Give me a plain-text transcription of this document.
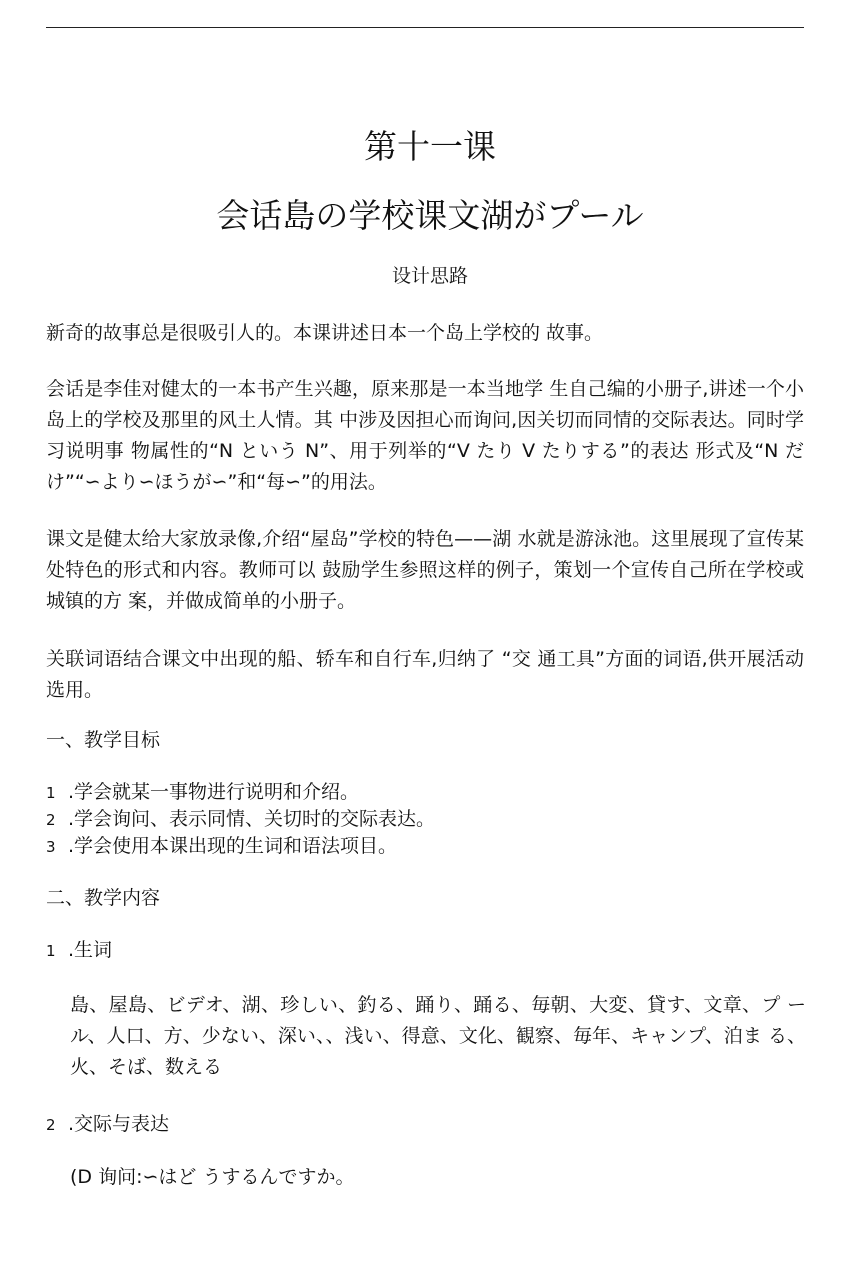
第十一课
会话島の学校课文湖がプール
设计思路

新奇的故事总是很吸引人的。本课讲述日本一个岛上学校的 故事。

会话是李佳对健太的一本书产生兴趣，原来那是一本当地学 生自己编的小册子,讲述一个小岛上的学校及那里的风土人情。其 中涉及因担心而询问,因关切而同情的交际表达。同时学习说明事 物属性的“N という N”、用于列举的“V たり V たりする”的表达 形式及“N だけ”“∽より∽ほうが∽”和“每∽”的用法。

课文是健太给大家放录像,介绍“屋岛”学校的特色——湖 水就是游泳池。这里展现了宣传某处特色的形式和内容。教师可以 鼓励学生参照这样的例子，策划一个宣传自己所在学校或城镇的方 案，并做成简单的小册子。

关联词语结合课文中出现的船、轿车和自行车,归纳了 “交 通工具”方面的词语,供开展活动选用。

一、教学目标
1 .学会就某一事物进行说明和介绍。
2 .学会询问、表示同情、关切时的交际表达。
3 .学会使用本课出现的生词和语法项目。
二、教学内容
1 .生词

島、屋島、ビデオ、湖、珍しい、釣る、踊り、踊る、毎朝、大変、貸す、文章、プ ール、人口、方、少ない、深い、、浅い、得意、文化、観察、毎年、キャンプ、泊ま る、火、そば、数える

2 .交际与表达
(D 询问:∽はど うするんですか。
